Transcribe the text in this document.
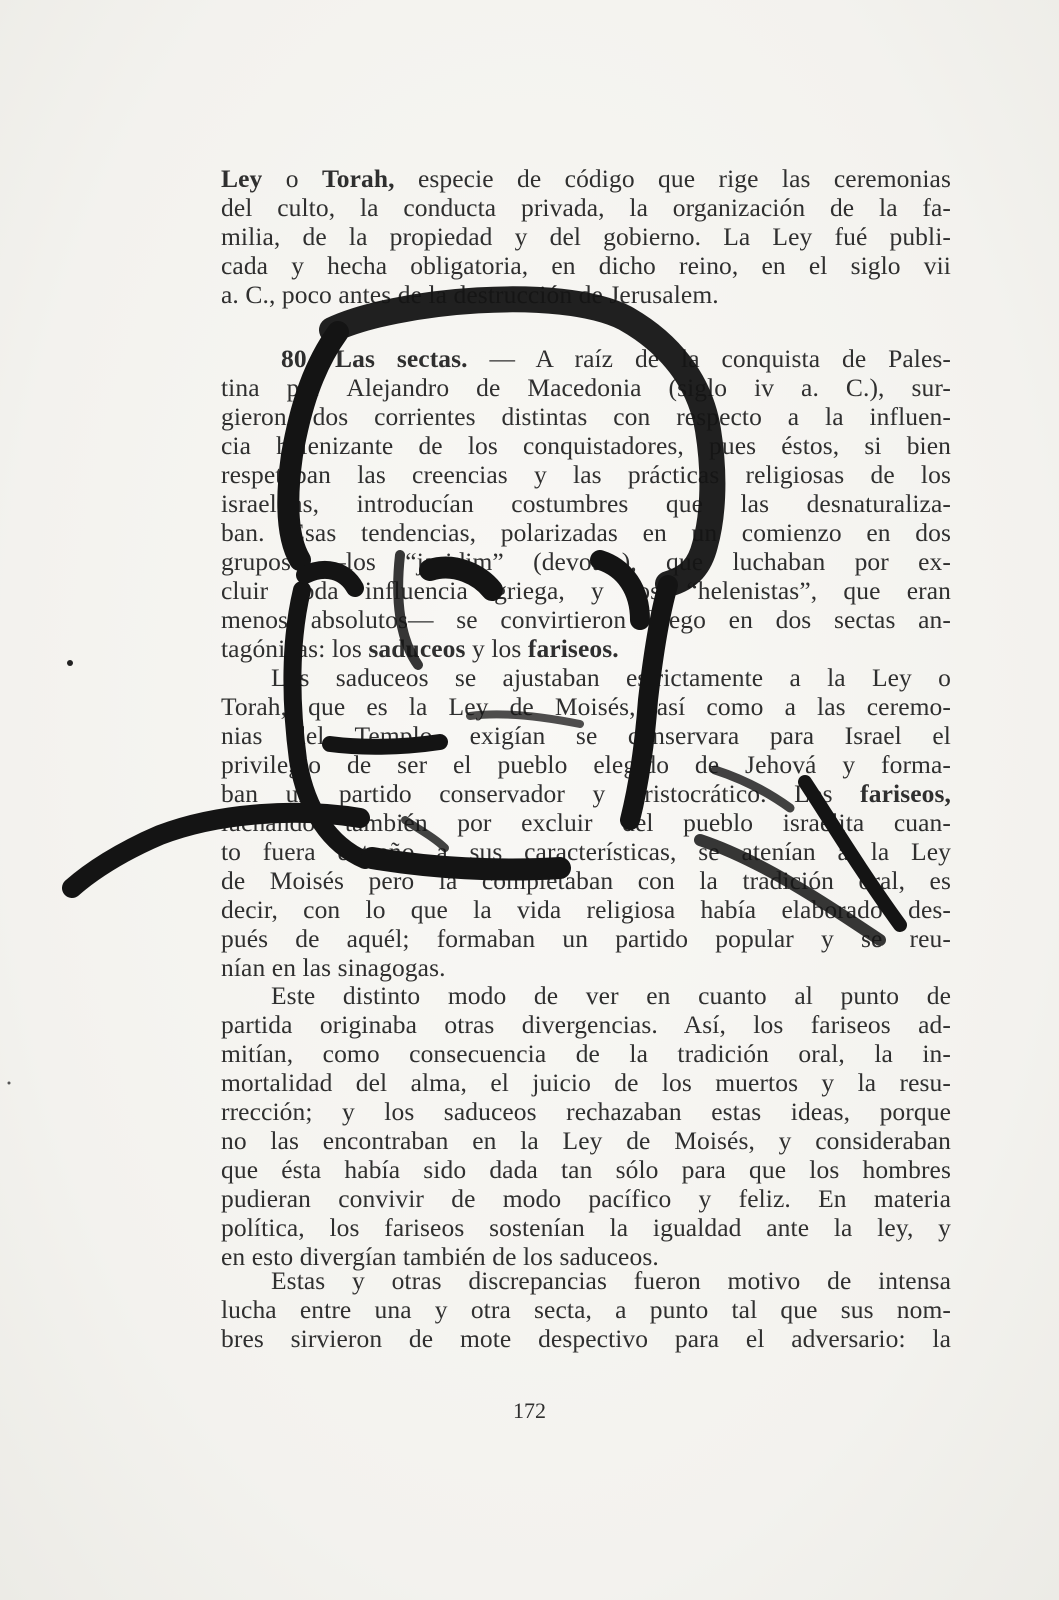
Ley o Torah, especie de código que rige las ceremonias
del culto, la conducta privada, la organización de la fa-
milia, de la propiedad y del gobierno. La Ley fué publi-
cada y hecha obligatoria, en dicho reino, en el siglo vii
a. C., poco antes de la destrucción de Jerusalem.
80. Las sectas. — A raíz de la conquista de Pales-
tina por Alejandro de Macedonia (siglo iv a. C.), sur-
gieron dos corrientes distintas con respecto a la influen-
cia helenizante de los conquistadores, pues éstos, si bien
respetaban las creencias y las prácticas religiosas de los
israelitas, introducían costumbres que las desnaturaliza-
ban. Esas tendencias, polarizadas en un comienzo en dos
grupos —los “jasidim” (devotos), que luchaban por ex-
cluir toda influencia griega, y los “helenistas”, que eran
menos absolutos— se convirtieron luego en dos sectas an-
tagónicas: los saduceos y los fariseos.
Los saduceos se ajustaban estrictamente a la Ley o
Torah, que es la Ley de Moisés, así como a las ceremo-
nias del Templo, exigían se conservara para Israel el
privilegio de ser el pueblo elegido de Jehová y forma-
ban un partido conservador y aristocrático. Los fariseos,
luchando también por excluir del pueblo israelita cuan-
to fuera extraño a sus características, se atenían a la Ley
de Moisés pero la completaban con la tradición oral, es
decir, con lo que la vida religiosa había elaborado des-
pués de aquél; formaban un partido popular y se reu-
nían en las sinagogas.
Este distinto modo de ver en cuanto al punto de
partida originaba otras divergencias. Así, los fariseos ad-
mitían, como consecuencia de la tradición oral, la in-
mortalidad del alma, el juicio de los muertos y la resu-
rrección; y los saduceos rechazaban estas ideas, porque
no las encontraban en la Ley de Moisés, y consideraban
que ésta había sido dada tan sólo para que los hombres
pudieran convivir de modo pacífico y feliz. En materia
política, los fariseos sostenían la igualdad ante la ley, y
en esto divergían también de los saduceos.
Estas y otras discrepancias fueron motivo de intensa
lucha entre una y otra secta, a punto tal que sus nom-
bres sirvieron de mote despectivo para el adversario: la
172
